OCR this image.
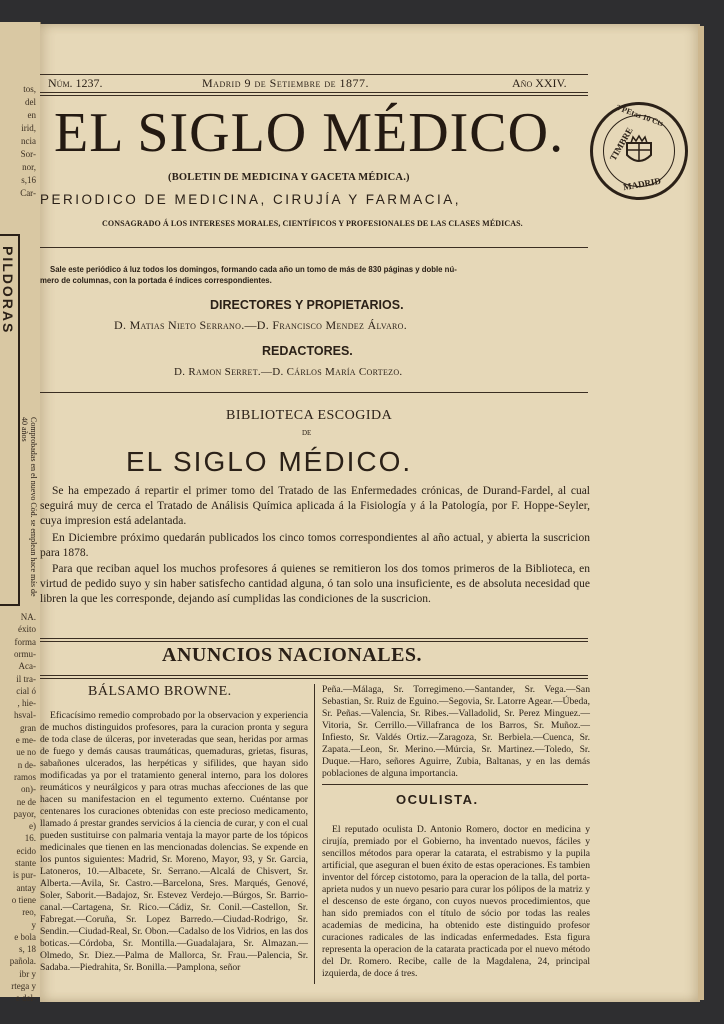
tos,
del
en
irid,
ncia
Sor-
nor,
s,16
Car-
PILDORAS
Comprobadas en el nuevo Cód. se emplean hace más de 40 años
NA.
éxito
forma
ormu-
Aca-
il tra-
cial ó
, hie-
hsval-
gran
e me-
ue no
n de-
ramos
on)-
ne de
payor,
e)
16.
ecido
stante
is pur-
antay
o tiene
reo,
y
e bola
s, 18
pañola.
ibr y
rtega y
e del-
Núm. 1237.	Madrid 9 de Setiembre de 1877.	Año XXIV.
EL SIGLO MÉDICO.	TIMBRE
3 PEtas 10 Cts
MADRID
(BOLETIN DE MEDICINA Y GACETA MÉDICA.)
PERIODICO DE MEDICINA, CIRUJÍA Y FARMACIA,
CONSAGRADO Á LOS INTERESES MORALES, CIENTÍFICOS Y PROFESIONALES DE LAS CLASES MÉDICAS.
Sale este periódico á luz todos los domingos, formando cada año un tomo de más de 830 páginas y doble nú-
mero de columnas, con la portada é índices correspondientes.
DIRECTORES Y PROPIETARIOS.
D. Matias Nieto Serrano.—D. Francisco Mendez Álvaro.
REDACTORES.
D. Ramon Serret.—D. Cárlos María Cortezo.
BIBLIOTECA ESCOGIDA
DE
EL SIGLO MÉDICO.
Se ha empezado á repartir el primer tomo del Tratado de las Enfermedades crónicas, de Durand-Fardel, al cual seguirá muy de cerca el Tratado de Análisis Química aplicada á la Fisiología y á la Patología, por F. Hoppe-Seyler, cuya impresion está adelantada.
En Diciembre próximo quedarán publicados los cinco tomos correspondientes al año actual, y abierta la suscricion para 1878.
Para que reciban aquel los muchos profesores á quienes se remitieron los dos tomos primeros de la Biblioteca, en virtud de pedido suyo y sin haber satisfecho cantidad alguna, ó tan solo una insuficiente, es de absoluta necesidad que libren la que les corresponde, dejando así cumplidas las condiciones de la suscricion.
ANUNCIOS NACIONALES.
BÁLSAMO BROWNE.
Eficacísimo remedio comprobado por la observacion y experiencia de muchos distinguidos profesores, para la curacion pronta y segura de toda clase de úlceras, por inveteradas que sean, heridas por armas de fuego y demás causas traumáticas, quemaduras, grietas, fisuras, sabañones ulcerados, las herpéticas y sifilides, que hayan sido modificadas ya por el tratamiento general interno, para los dolores reumáticos y neurálgicos y para otras muchas afecciones de las que hacen su manifestacion en el tegumento externo. Cuéntanse por centenares los curaciones obtenidas con este precioso medicamento, llamado á prestar grandes servicios á la ciencia de curar, y con el cual pueden sustituirse con palmaria ventaja la mayor parte de los tópicos medicinales que tienen en las mencionadas dolencias. Se expende en los puntos siguientes: Madrid, Sr. Moreno, Mayor, 93, y Sr. Garcia, Latoneros, 10.—Albacete, Sr. Serrano.—Alcalá de Chisvert, Sr. Alberta.—Avila, Sr. Castro.—Barcelona, Sres. Marqués, Genové, Soler, Saborit.—Badajoz, Sr. Estevez Verdejo.—Búrgos, Sr. Barrio-canal.—Cartagena, Sr. Rico.—Cádiz, Sr. Conil.—Castellon, Sr. Fabregat.—Coruña, Sr. Lopez Barredo.—Ciudad-Rodrigo, Sr. Sendin.—Ciudad-Real, Sr. Obon.—Cadalso de los Vidrios, en las dos boticas.—Córdoba, Sr. Montilla.—Guadalajara, Sr. Almazan.—Olmedo, Sr. Diez.—Palma de Mallorca, Sr. Frau.—Palencia, Sr. Sadaba.—Piedrahita, Sr. Bonilla.—Pamplona, señor
Peña.—Málaga, Sr. Torregimeno.—Santander, Sr. Vega.—San Sebastian, Sr. Ruiz de Eguino.—Segovia, Sr. Latorre Agear.—Úbeda, Sr. Peñas.—Valencia, Sr. Ribes.—Valladolid, Sr. Perez Minguez.—Vitoria, Sr. Cerrillo.—Villafranca de los Barros, Sr. Muñoz.—Infiesto, Sr. Valdés Ortiz.—Zaragoza, Sr. Berbiela.—Cuenca, Sr. Zapata.—Leon, Sr. Merino.—Múrcia, Sr. Martinez.—Toledo, Sr. Duque.—Haro, señores Aguirre, Zubia, Baltanas, y en las demás poblaciones de alguna importancia.
OCULISTA.
El reputado oculista D. Antonio Romero, doctor en medicina y cirujía, premiado por el Gobierno, ha inventado nuevos, fáciles y sencillos métodos para operar la catarata, el estrabismo y la pupila artificial, que aseguran el buen éxito de estas operaciones. Es tambien inventor del fórcep cistotomo, para la operacion de la talla, del porta-aprieta nudos y un nuevo pesario para curar los pólipos de la matriz y el descenso de este órgano, con cuyos nuevos procedimientos, que han sido premiados con el título de sócio por todas las reales academias de medicina, ha obtenido este distinguido profesor curaciones radicales de las indicadas enfermedades. Esta figura representa la operacion de la catarata practicada por el nuevo método del Dr. Romero. Recibe, calle de la Magdalena, 24, principal izquierda, de doce á tres.
